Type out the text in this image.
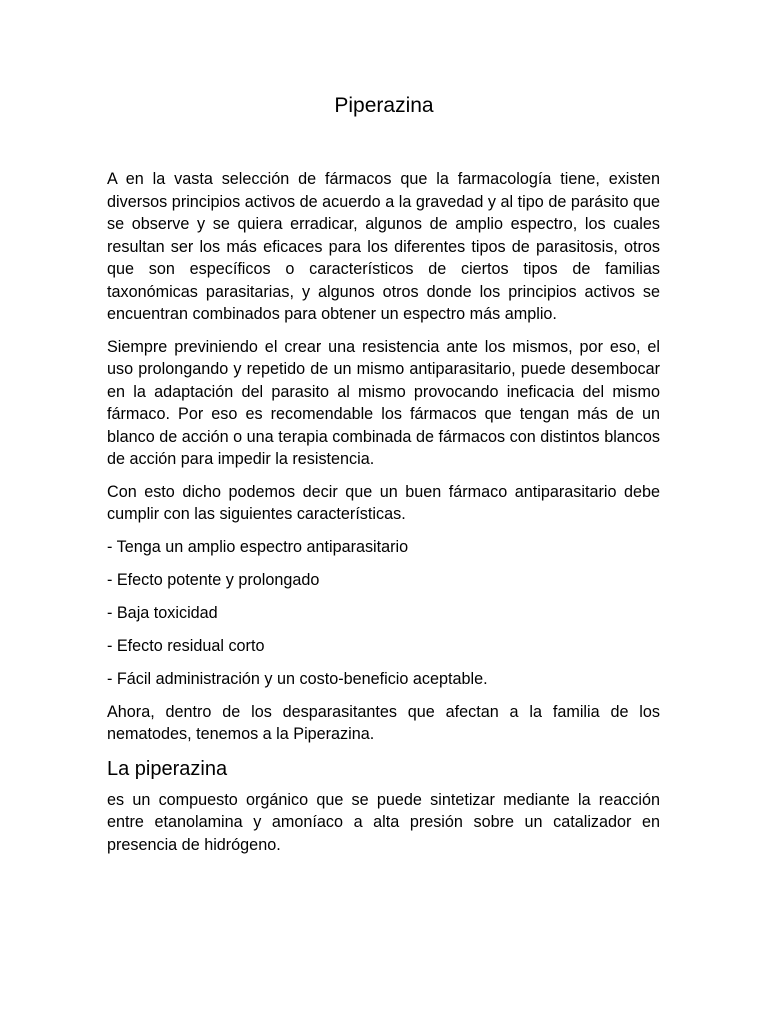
Piperazina

A en la vasta selección de fármacos que la farmacología tiene, existen diversos principios activos de acuerdo a la gravedad y al tipo de parásito que se observe y se quiera erradicar, algunos de amplio espectro, los cuales resultan ser los más eficaces para los diferentes tipos de parasitosis, otros que son específicos o característicos de ciertos tipos de familias taxonómicas parasitarias, y algunos otros donde los principios activos se encuentran combinados para obtener un espectro más amplio.

Siempre previniendo el crear una resistencia ante los mismos, por eso, el uso prolongando y repetido de un mismo antiparasitario, puede desembocar en la adaptación del parasito al mismo provocando ineficacia del mismo fármaco. Por eso es recomendable los fármacos que tengan más de un blanco de acción o una terapia combinada de fármacos con distintos blancos de acción para impedir la resistencia.

Con esto dicho podemos decir que un buen fármaco antiparasitario debe cumplir con las siguientes características.

- Tenga un amplio espectro antiparasitario

- Efecto potente y prolongado

- Baja toxicidad

- Efecto residual corto

- Fácil administración y un costo-beneficio aceptable.

Ahora, dentro de los desparasitantes que afectan a la familia de los nematodes, tenemos a la Piperazina.

La piperazina

es un compuesto orgánico que se puede sintetizar mediante la reacción entre etanolamina y amoníaco a alta presión sobre un catalizador en presencia de hidrógeno.
